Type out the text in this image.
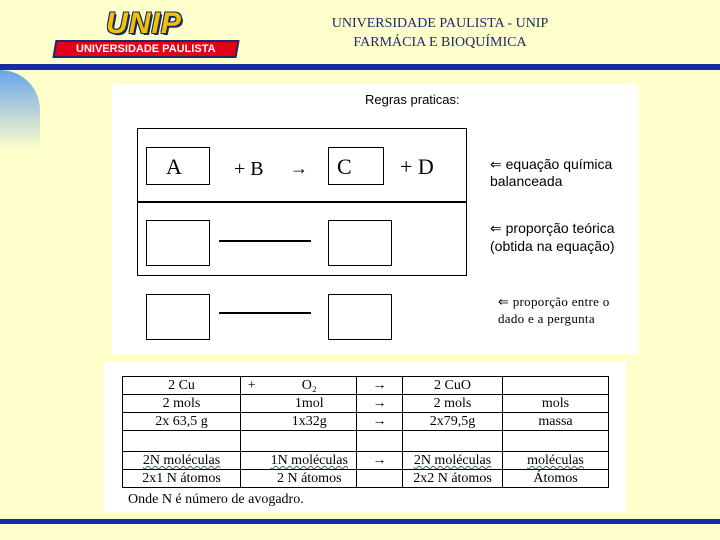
UNIP
UNIVERSIDADE PAULISTA
UNIVERSIDADE PAULISTA - UNIP
FARMÁCIA E BIOQUÍMICA
Regras praticas:
A	+ B → C + D	⇐ equação química balanceada
⇐ proporção teórica
(obtida na equação)
⇐ proporção entre o
dado e a pergunta
2 Cu	+	O₂	→	2 CuO	
2 mols		1mol	→	2 mols	mols
2x 63,5 g		1x32g	→	2x79,5g	massa

2N moléculas		1N moléculas	→	2N moléculas	moléculas
2x1 N átomos		2 N átomos		2x2 N átomos	Átomos
Onde N é número de avogadro.
